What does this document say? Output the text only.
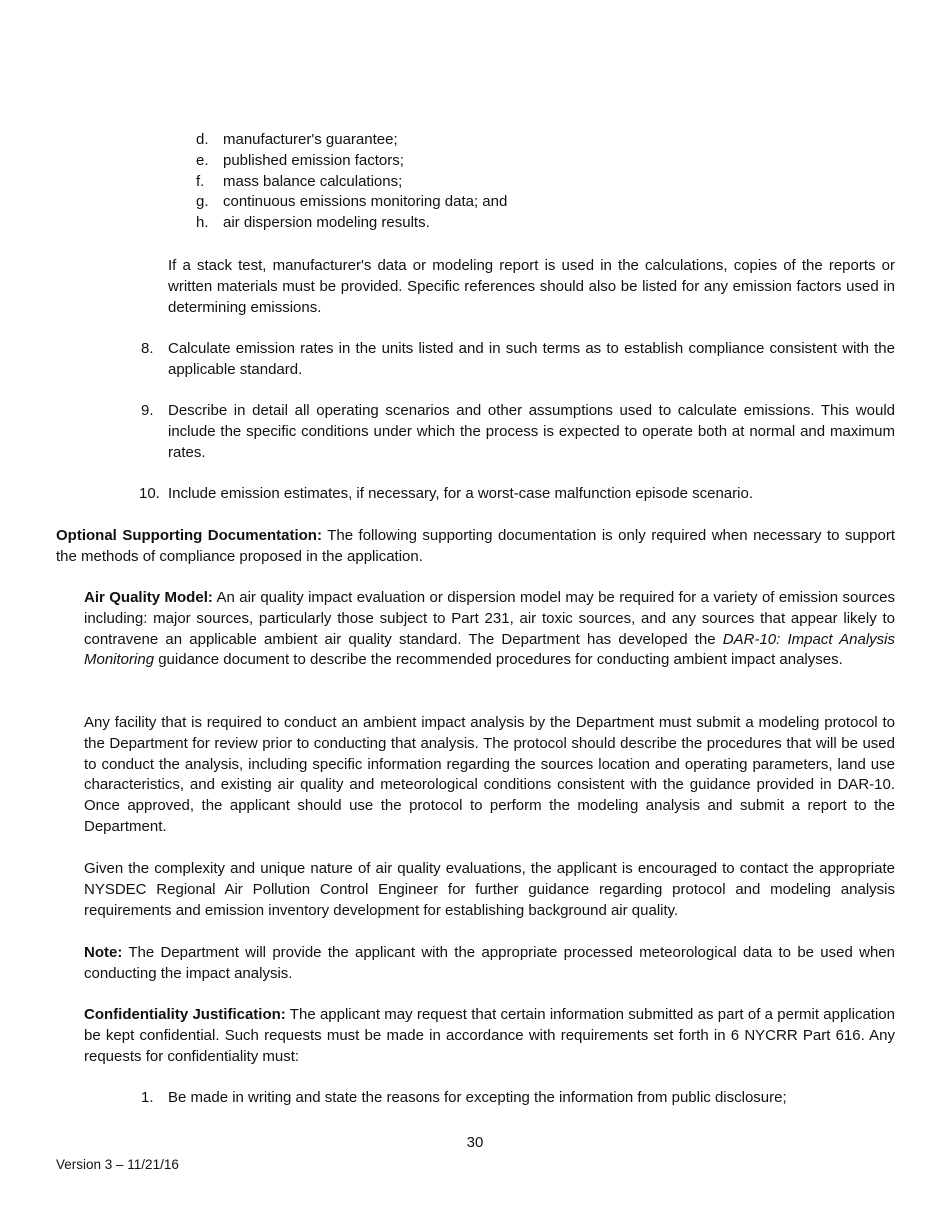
d. manufacturer's guarantee;
e. published emission factors;
f. mass balance calculations;
g. continuous emissions monitoring data; and
h. air dispersion modeling results.

If a stack test, manufacturer's data or modeling report is used in the calculations, copies of the reports or written materials must be provided. Specific references should also be listed for any emission factors used in determining emissions.

8. Calculate emission rates in the units listed and in such terms as to establish compliance consistent with the applicable standard.
9. Describe in detail all operating scenarios and other assumptions used to calculate emissions. This would include the specific conditions under which the process is expected to operate both at normal and maximum rates.
10. Include emission estimates, if necessary, for a worst-case malfunction episode scenario.

Optional Supporting Documentation: The following supporting documentation is only required when necessary to support the methods of compliance proposed in the application.

Air Quality Model: An air quality impact evaluation or dispersion model may be required for a variety of emission sources including: major sources, particularly those subject to Part 231, air toxic sources, and any sources that appear likely to contravene an applicable ambient air quality standard. The Department has developed the DAR-10: Impact Analysis Monitoring guidance document to describe the recommended procedures for conducting ambient impact analyses.

Any facility that is required to conduct an ambient impact analysis by the Department must submit a modeling protocol to the Department for review prior to conducting that analysis. The protocol should describe the procedures that will be used to conduct the analysis, including specific information regarding the sources location and operating parameters, land use characteristics, and existing air quality and meteorological conditions consistent with the guidance provided in DAR-10. Once approved, the applicant should use the protocol to perform the modeling analysis and submit a report to the Department.

Given the complexity and unique nature of air quality evaluations, the applicant is encouraged to contact the appropriate NYSDEC Regional Air Pollution Control Engineer for further guidance regarding protocol and modeling analysis requirements and emission inventory development for establishing background air quality.

Note: The Department will provide the applicant with the appropriate processed meteorological data to be used when conducting the impact analysis.

Confidentiality Justification: The applicant may request that certain information submitted as part of a permit application be kept confidential. Such requests must be made in accordance with requirements set forth in 6 NYCRR Part 616. Any requests for confidentiality must:

1. Be made in writing and state the reasons for excepting the information from public disclosure;
30
Version 3 – 11/21/16
